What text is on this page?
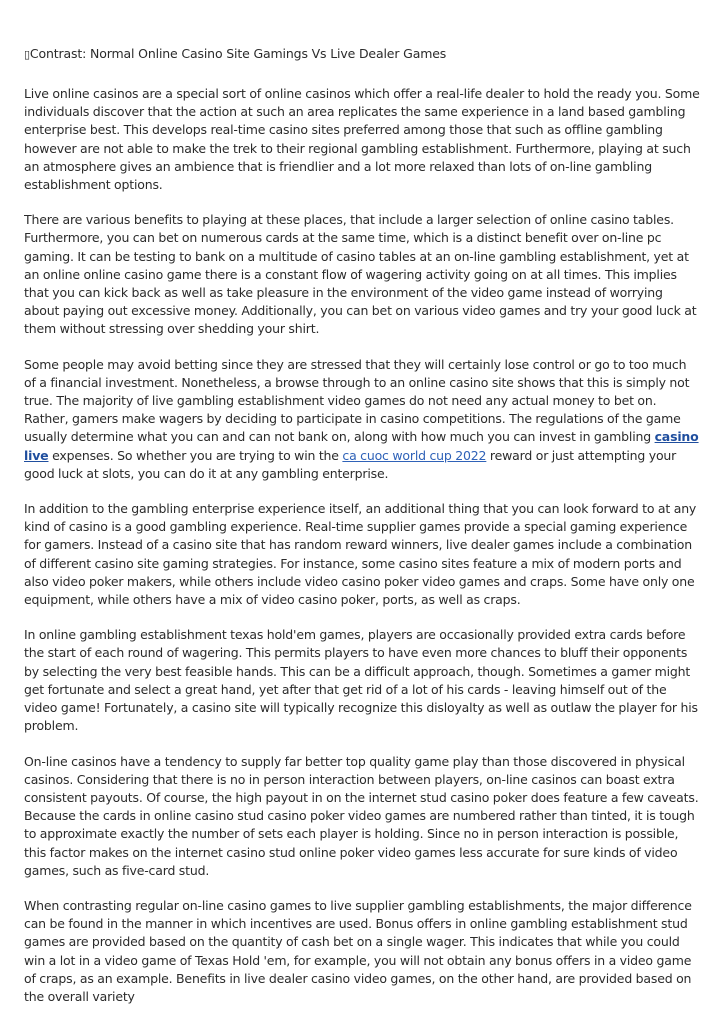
▯Contrast: Normal Online Casino Site Gamings Vs Live Dealer Games

Live online casinos are a special sort of online casinos which offer a real-life dealer to hold the ready you. Some individuals discover that the action at such an area replicates the same experience in a land based gambling enterprise best. This develops real-time casino sites preferred among those that such as offline gambling however are not able to make the trek to their regional gambling establishment. Furthermore, playing at such an atmosphere gives an ambience that is friendlier and a lot more relaxed than lots of on-line gambling establishment options.

There are various benefits to playing at these places, that include a larger selection of online casino tables. Furthermore, you can bet on numerous cards at the same time, which is a distinct benefit over on-line pc gaming. It can be testing to bank on a multitude of casino tables at an on-line gambling establishment, yet at an online online casino game there is a constant flow of wagering activity going on at all times. This implies that you can kick back as well as take pleasure in the environment of the video game instead of worrying about paying out excessive money. Additionally, you can bet on various video games and try your good luck at them without stressing over shedding your shirt.

Some people may avoid betting since they are stressed that they will certainly lose control or go to too much of a financial investment. Nonetheless, a browse through to an online casino site shows that this is simply not true. The majority of live gambling establishment video games do not need any actual money to bet on. Rather, gamers make wagers by deciding to participate in casino competitions. The regulations of the game usually determine what you can and can not bank on, along with how much you can invest in gambling casino live expenses. So whether you are trying to win the ca cuoc world cup 2022 reward or just attempting your good luck at slots, you can do it at any gambling enterprise.

In addition to the gambling enterprise experience itself, an additional thing that you can look forward to at any kind of casino is a good gambling experience. Real-time supplier games provide a special gaming experience for gamers. Instead of a casino site that has random reward winners, live dealer games include a combination of different casino site gaming strategies. For instance, some casino sites feature a mix of modern ports and also video poker makers, while others include video casino poker video games and craps. Some have only one equipment, while others have a mix of video casino poker, ports, as well as craps.

In online gambling establishment texas hold'em games, players are occasionally provided extra cards before the start of each round of wagering. This permits players to have even more chances to bluff their opponents by selecting the very best feasible hands. This can be a difficult approach, though. Sometimes a gamer might get fortunate and select a great hand, yet after that get rid of a lot of his cards - leaving himself out of the video game! Fortunately, a casino site will typically recognize this disloyalty as well as outlaw the player for his problem.

On-line casinos have a tendency to supply far better top quality game play than those discovered in physical casinos. Considering that there is no in person interaction between players, on-line casinos can boast extra consistent payouts. Of course, the high payout in on the internet stud casino poker does feature a few caveats. Because the cards in online casino stud casino poker video games are numbered rather than tinted, it is tough to approximate exactly the number of sets each player is holding. Since no in person interaction is possible, this factor makes on the internet casino stud online poker video games less accurate for sure kinds of video games, such as five-card stud.

When contrasting regular on-line casino games to live supplier gambling establishments, the major difference can be found in the manner in which incentives are used. Bonus offers in online gambling establishment stud games are provided based on the quantity of cash bet on a single wager. This indicates that while you could win a lot in a video game of Texas Hold 'em, for example, you will not obtain any bonus offers in a video game of craps, as an example. Benefits in live dealer casino video games, on the other hand, are provided based on the overall variety
